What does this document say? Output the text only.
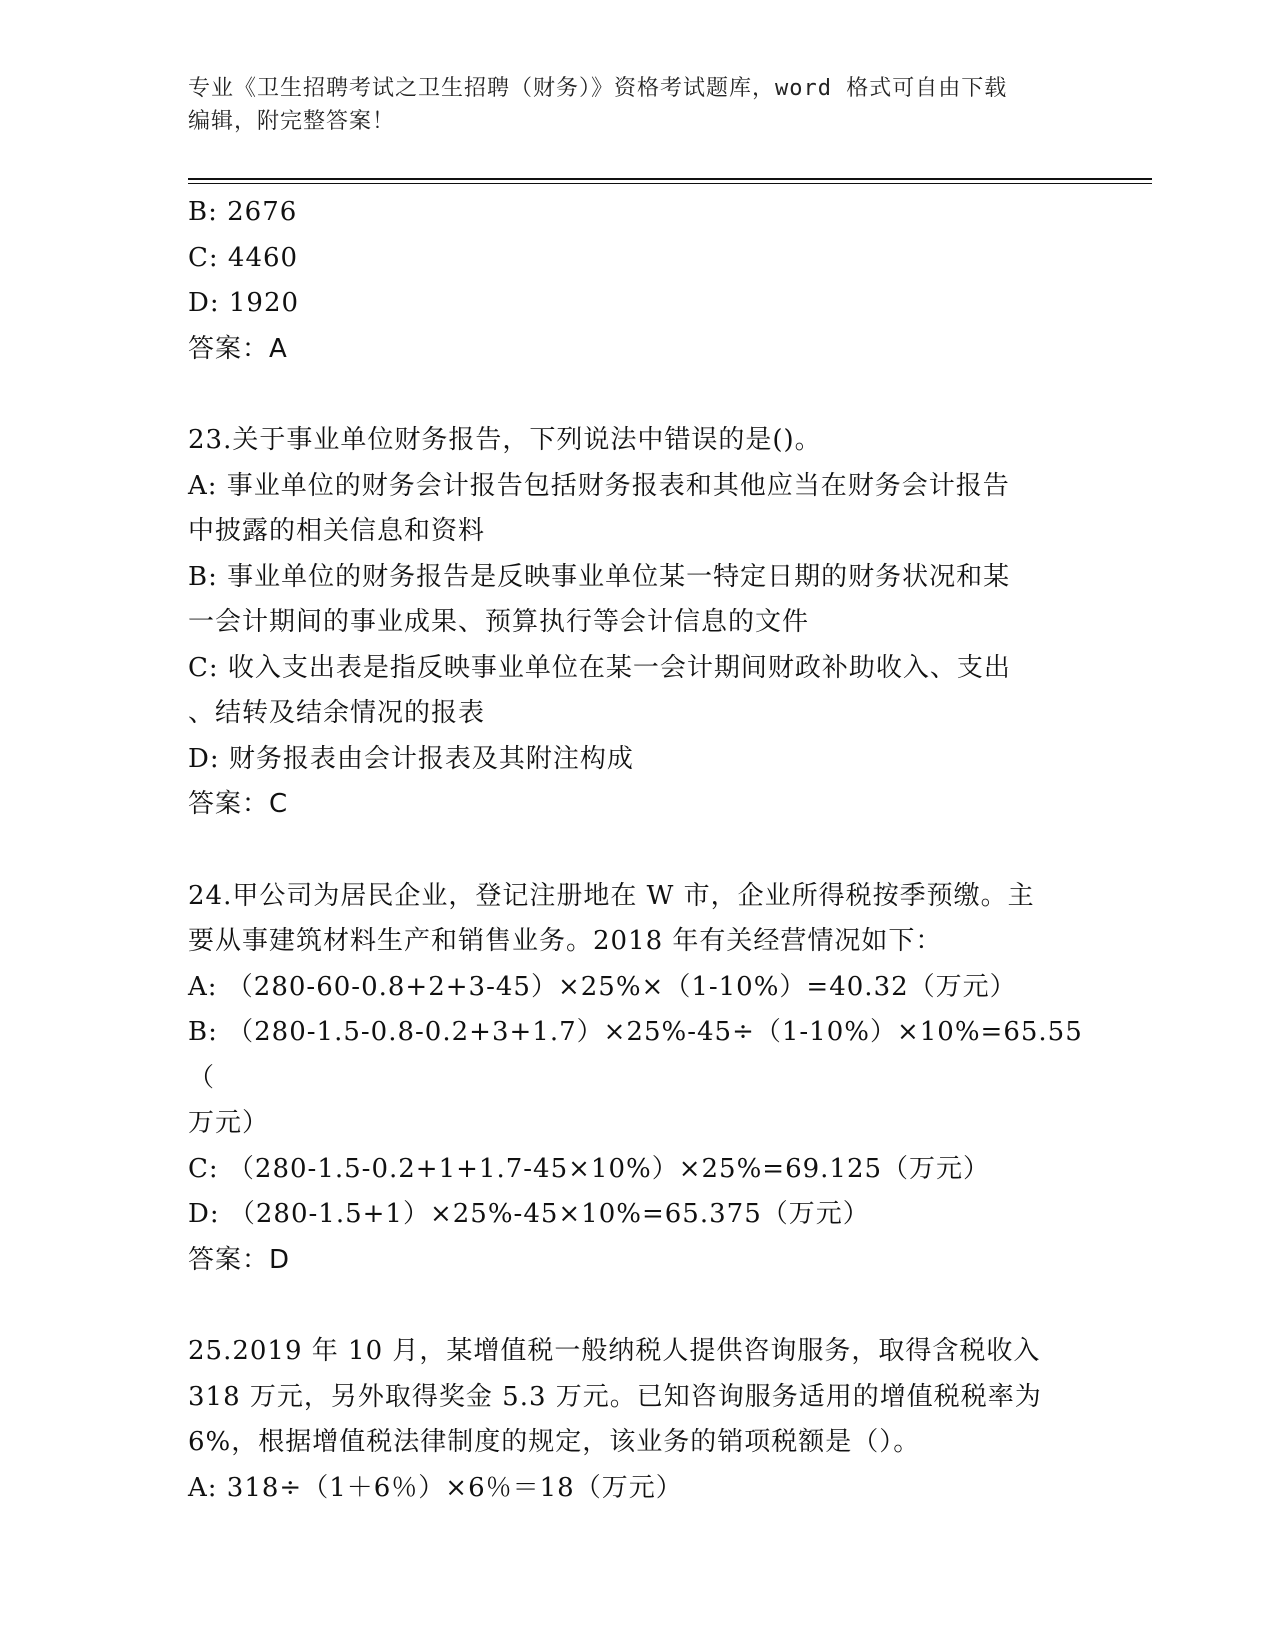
专业《卫生招聘考试之卫生招聘（财务）》资格考试题库，word 格式可自由下载
编辑，附完整答案！
B: 2676
C: 4460
D: 1920
答案：A
23.关于事业单位财务报告，下列说法中错误的是()。
A: 事业单位的财务会计报告包括财务报表和其他应当在财务会计报告
中披露的相关信息和资料
B: 事业单位的财务报告是反映事业单位某一特定日期的财务状况和某
一会计期间的事业成果、预算执行等会计信息的文件
C: 收入支出表是指反映事业单位在某一会计期间财政补助收入、支出
、结转及结余情况的报表
D: 财务报表由会计报表及其附注构成
答案：C
24.甲公司为居民企业，登记注册地在 W 市，企业所得税按季预缴。主
要从事建筑材料生产和销售业务。2018 年有关经营情况如下：
A: （280-60-0.8+2+3-45）×25%×（1-10%）=40.32（万元）
B: （280-1.5-0.8-0.2+3+1.7）×25%-45÷（1-10%）×10%=65.55（
万元）
C: （280-1.5-0.2+1+1.7-45×10%）×25%=69.125（万元）
D: （280-1.5+1）×25%-45×10%=65.375（万元）
答案：D
25.2019 年 10 月，某增值税一般纳税人提供咨询服务，取得含税收入
318 万元，另外取得奖金 5.3 万元。已知咨询服务适用的增值税税率为
6%，根据增值税法律制度的规定，该业务的销项税额是（）。
A: 318÷（1＋6％）×6％＝18（万元）
